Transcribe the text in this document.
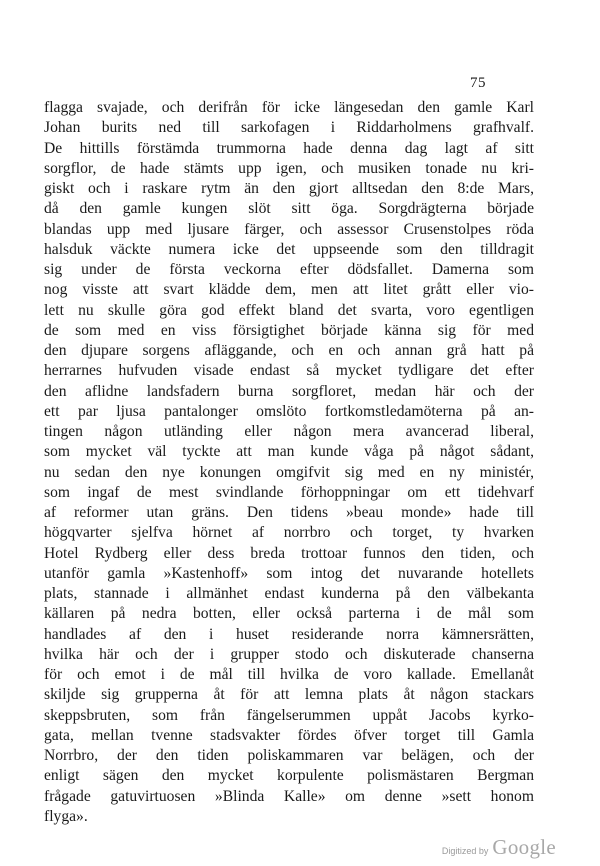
75
flagga svajade, och derifrån för icke längesedan den gamle Karl
Johan burits ned till sarkofagen i Riddarholmens grafhvalf.
De hittills förstämda trummorna hade denna dag lagt af sitt
sorgflor, de hade stämts upp igen, och musiken tonade nu kri-
giskt och i raskare rytm än den gjort alltsedan den 8:de Mars,
då den gamle kungen slöt sitt öga. Sorgdrägterna började
blandas upp med ljusare färger, och assessor Crusenstolpes röda
halsduk väckte numera icke det uppseende som den tilldragit
sig under de första veckorna efter dödsfallet. Damerna som
nog visste att svart klädde dem, men att litet grått eller vio-
lett nu skulle göra god effekt bland det svarta, voro egentligen
de som med en viss försigtighet började känna sig för med
den djupare sorgens afläggande, och en och annan grå hatt på
herrarnes hufvuden visade endast så mycket tydligare det efter
den aflidne landsfadern burna sorgfloret, medan här och der
ett par ljusa pantalonger omslöto fortkomstledamöterna på an-
tingen någon utländing eller någon mera avancerad liberal,
som mycket väl tyckte att man kunde våga på något sådant,
nu sedan den nye konungen omgifvit sig med en ny ministér,
som ingaf de mest svindlande förhoppningar om ett tidehvarf
af reformer utan gräns. Den tidens »beau monde» hade till
högqvarter sjelfva hörnet af norrbro och torget, ty hvarken
Hotel Rydberg eller dess breda trottoar funnos den tiden, och
utanför gamla »Kastenhoff» som intog det nuvarande hotellets
plats, stannade i allmänhet endast kunderna på den välbekanta
källaren på nedra botten, eller också parterna i de mål som
handlades af den i huset residerande norra kämnersrätten,
hvilka här och der i grupper stodo och diskuterade chanserna
för och emot i de mål till hvilka de voro kallade. Emellanåt
skiljde sig grupperna åt för att lemna plats åt någon stackars
skeppsbruten, som från fängelserummen uppåt Jacobs kyrko-
gata, mellan tvenne stadsvakter fördes öfver torget till Gamla
Norrbro, der den tiden poliskammaren var belägen, och der
enligt sägen den mycket korpulente polismästaren Bergman
frågade gatuvirtuosen »Blinda Kalle» om denne »sett honom
flyga».
Digitized by Google
